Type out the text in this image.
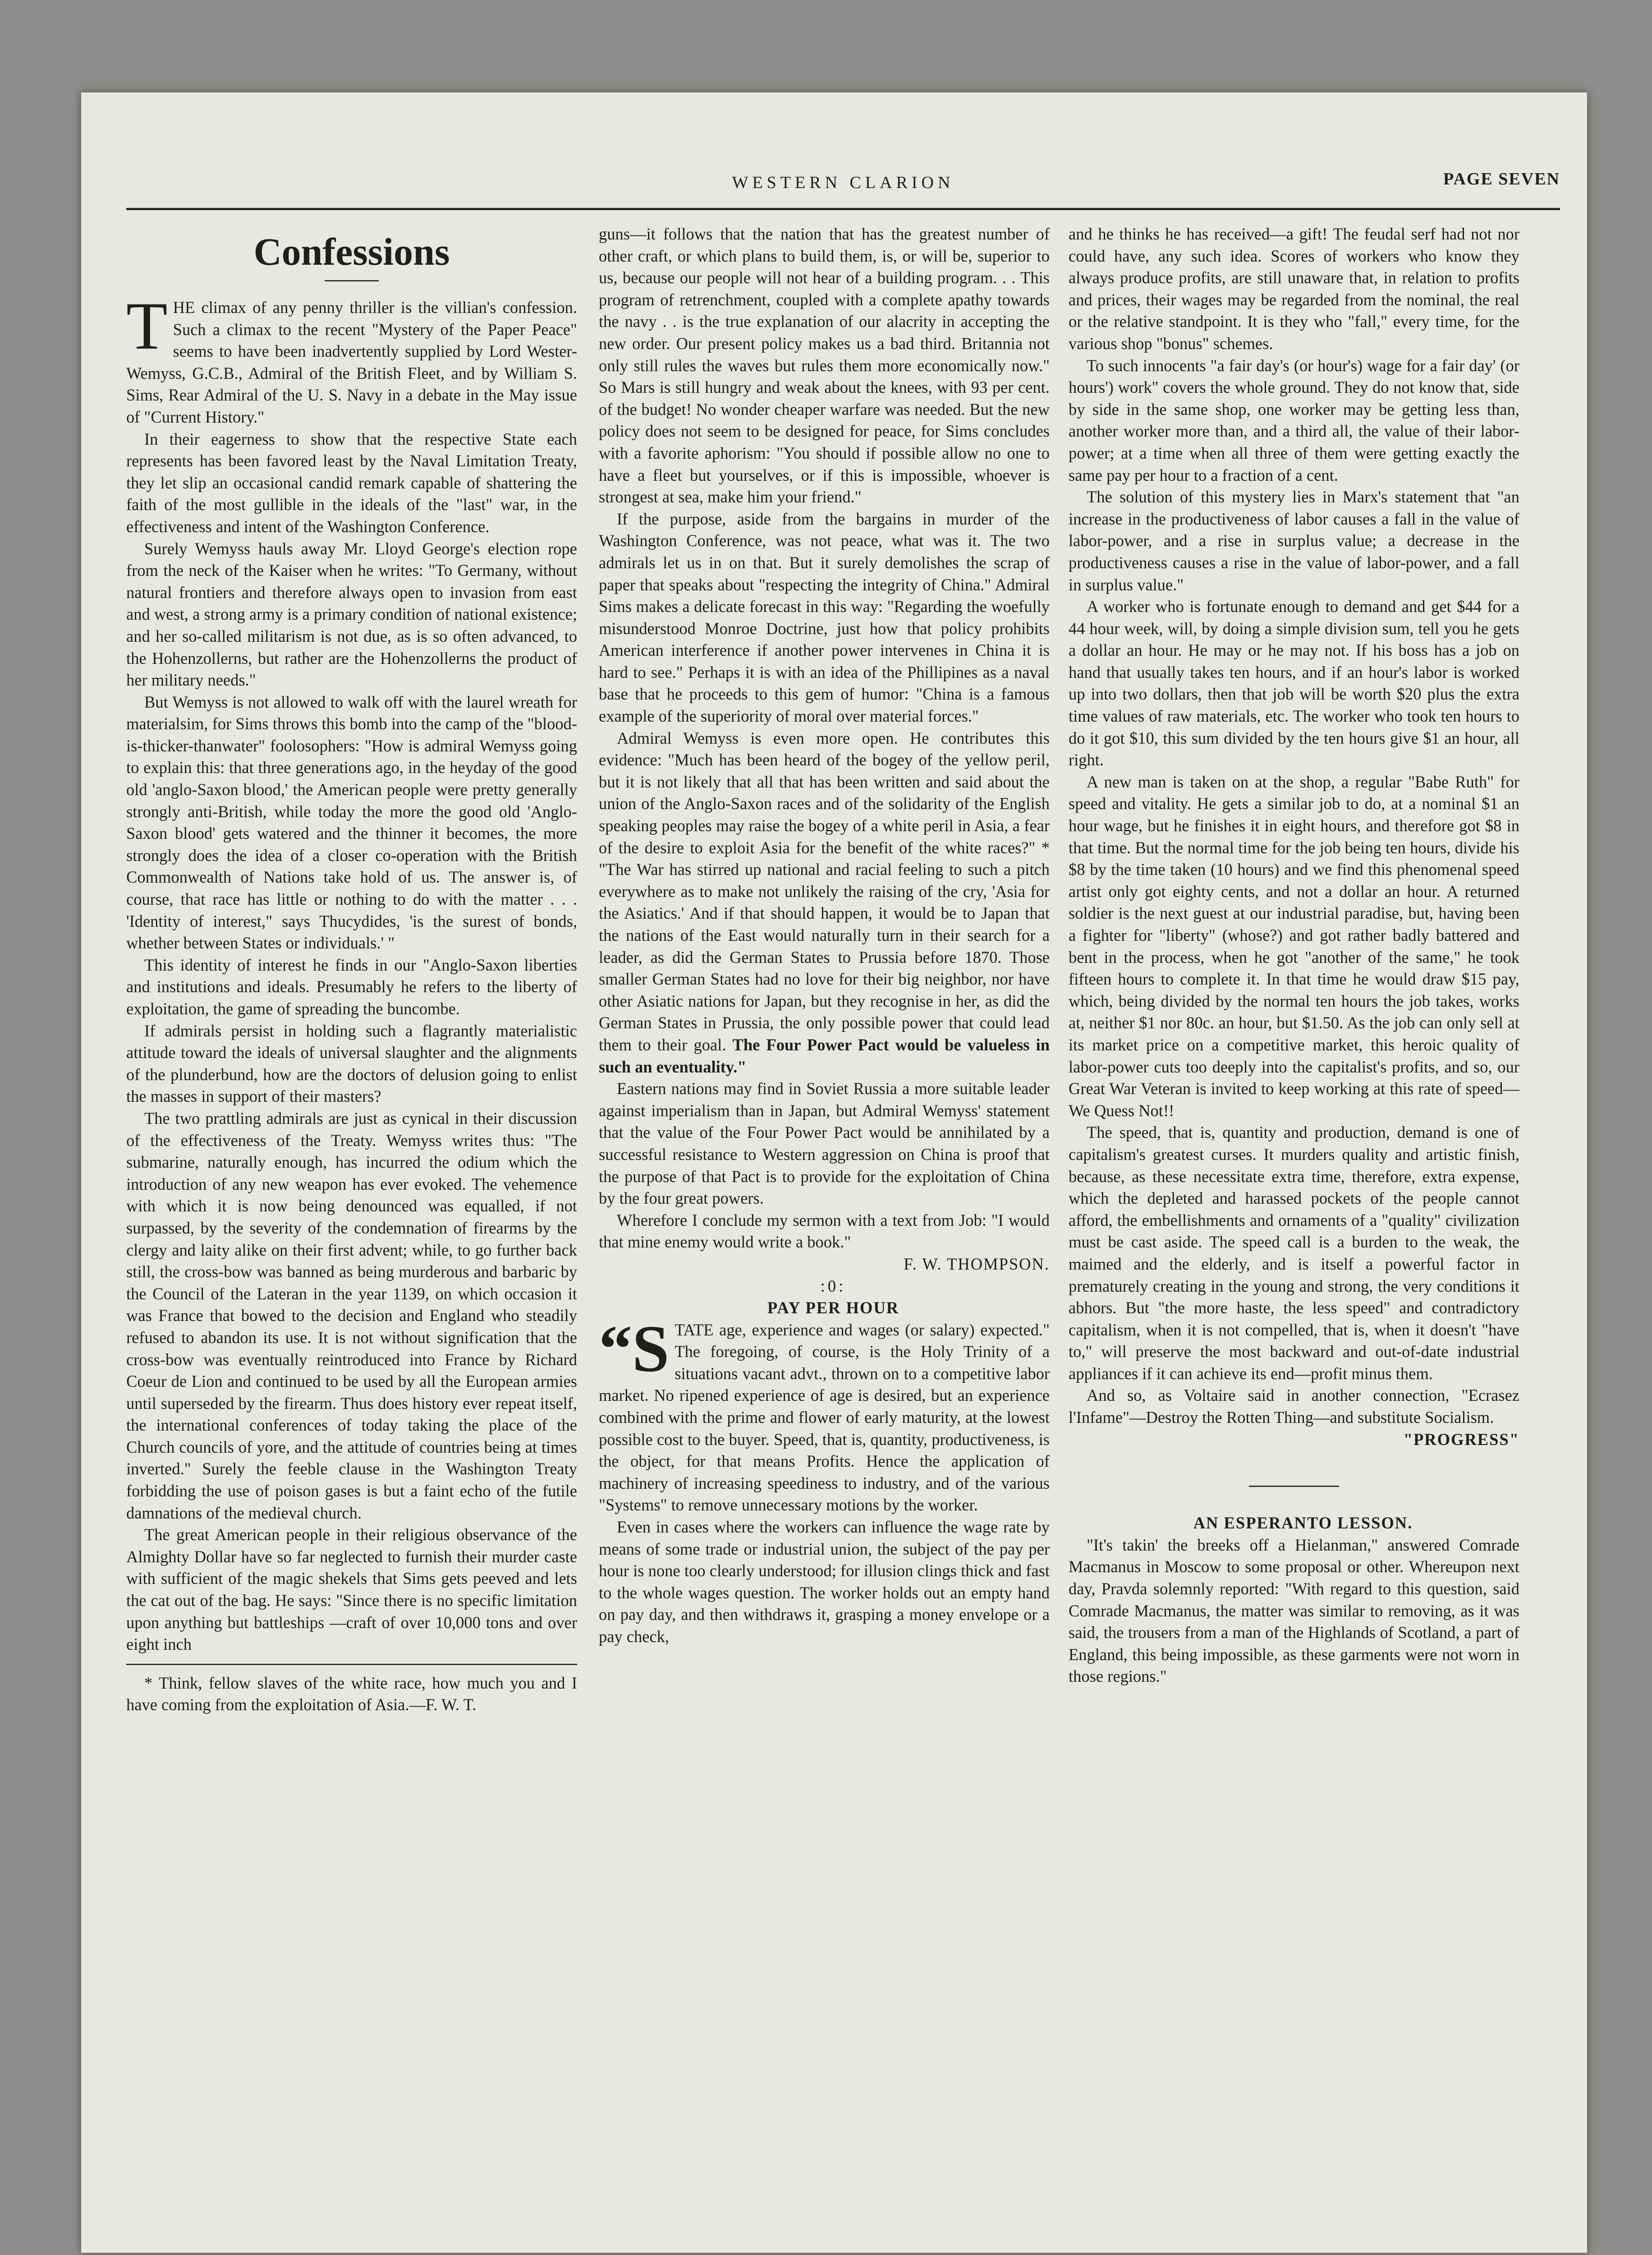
WESTERN CLARION	PAGE SEVEN
Confessions

THE climax of any penny thriller is the villian's confession. Such a climax to the recent "Mystery of the Paper Peace" seems to have been inadvertently supplied by Lord Wester-Wemyss, G.C.B., Admiral of the British Fleet, and by William S. Sims, Rear Admiral of the U. S. Navy in a debate in the May issue of "Current History."

In their eagerness to show that the respective State each represents has been favored least by the Naval Limitation Treaty, they let slip an occasional candid remark capable of shattering the faith of the most gullible in the ideals of the "last" war, in the effectiveness and intent of the Washington Conference.

Surely Wemyss hauls away Mr. Lloyd George's election rope from the neck of the Kaiser when he writes: "To Germany, without natural frontiers and therefore always open to invasion from east and west, a strong army is a primary condition of national existence; and her so-called militarism is not due, as is so often advanced, to the Hohenzollerns, but rather are the Hohenzollerns the product of her military needs."

But Wemyss is not allowed to walk off with the laurel wreath for materialsim, for Sims throws this bomb into the camp of the "blood-is-thicker-thanwater" foolosophers: "How is admiral Wemyss going to explain this: that three generations ago, in the heyday of the good old 'anglo-Saxon blood,' the American people were pretty generally strongly anti-British, while today the more the good old 'Anglo-Saxon blood' gets watered and the thinner it becomes, the more strongly does the idea of a closer co-operation with the British Commonwealth of Nations take hold of us. The answer is, of course, that race has little or nothing to do with the matter . . . 'Identity of interest," says Thucydides, 'is the surest of bonds, whether between States or individuals.' "

This identity of interest he finds in our "Anglo-Saxon liberties and institutions and ideals. Presumably he refers to the liberty of exploitation, the game of spreading the buncombe.

If admirals persist in holding such a flagrantly materialistic attitude toward the ideals of universal slaughter and the alignments of the plunderbund, how are the doctors of delusion going to enlist the masses in support of their masters?

The two prattling admirals are just as cynical in their discussion of the effectiveness of the Treaty. Wemyss writes thus: "The submarine, naturally enough, has incurred the odium which the introduction of any new weapon has ever evoked. The vehemence with which it is now being denounced was equalled, if not surpassed, by the severity of the condemnation of firearms by the clergy and laity alike on their first advent; while, to go further back still, the cross-bow was banned as being murderous and barbaric by the Council of the Lateran in the year 1139, on which occasion it was France that bowed to the decision and England who steadily refused to abandon its use. It is not without signification that the cross-bow was eventually reintroduced into France by Richard Coeur de Lion and continued to be used by all the European armies until superseded by the firearm. Thus does history ever repeat itself, the international conferences of today taking the place of the Church councils of yore, and the attitude of countries being at times inverted." Surely the feeble clause in the Washington Treaty forbidding the use of poison gases is but a faint echo of the futile damnations of the medieval church.

The great American people in their religious observance of the Almighty Dollar have so far neglected to furnish their murder caste with sufficient of the magic shekels that Sims gets peeved and lets the cat out of the bag. He says: "Since there is no specific limitation upon anything but battleships —craft of over 10,000 tons and over eight inch

* Think, fellow slaves of the white race, how much you and I have coming from the exploitation of Asia.—F. W. T.

guns—it follows that the nation that has the greatest number of other craft, or which plans to build them, is, or will be, superior to us, because our people will not hear of a building program. . . This program of retrenchment, coupled with a complete apathy towards the navy . . is the true explanation of our alacrity in accepting the new order. Our present policy makes us a bad third. Britannia not only still rules the waves but rules them more economically now." So Mars is still hungry and weak about the knees, with 93 per cent. of the budget! No wonder cheaper warfare was needed. But the new policy does not seem to be designed for peace, for Sims concludes with a favorite aphorism: "You should if possible allow no one to have a fleet but yourselves, or if this is impossible, whoever is strongest at sea, make him your friend."

If the purpose, aside from the bargains in murder of the Washington Conference, was not peace, what was it. The two admirals let us in on that. But it surely demolishes the scrap of paper that speaks about "respecting the integrity of China." Admiral Sims makes a delicate forecast in this way: "Regarding the woefully misunderstood Monroe Doctrine, just how that policy prohibits American interference if another power intervenes in China it is hard to see." Perhaps it is with an idea of the Phillipines as a naval base that he proceeds to this gem of humor: "China is a famous example of the superiority of moral over material forces."

Admiral Wemyss is even more open. He contributes this evidence: "Much has been heard of the bogey of the yellow peril, but it is not likely that all that has been written and said about the union of the Anglo-Saxon races and of the solidarity of the English speaking peoples may raise the bogey of a white peril in Asia, a fear of the desire to exploit Asia for the benefit of the white races?" * "The War has stirred up national and racial feeling to such a pitch everywhere as to make not unlikely the raising of the cry, 'Asia for the Asiatics.' And if that should happen, it would be to Japan that the nations of the East would naturally turn in their search for a leader, as did the German States to Prussia before 1870. Those smaller German States had no love for their big neighbor, nor have other Asiatic nations for Japan, but they recognise in her, as did the German States in Prussia, the only possible power that could lead them to their goal. The Four Power Pact would be valueless in such an eventuality."

Eastern nations may find in Soviet Russia a more suitable leader against imperialism than in Japan, but Admiral Wemyss' statement that the value of the Four Power Pact would be annihilated by a successful resistance to Western aggression on China is proof that the purpose of that Pact is to provide for the exploitation of China by the four great powers.

Wherefore I conclude my sermon with a text from Job: "I would that mine enemy would write a book."

F. W. THOMPSON.

:0:

PAY PER HOUR

“STATE age, experience and wages (or salary) expected." The foregoing, of course, is the Holy Trinity of a situations vacant advt., thrown on to a competitive labor market. No ripened experience of age is desired, but an experience combined with the prime and flower of early maturity, at the lowest possible cost to the buyer. Speed, that is, quantity, productiveness, is the object, for that means Profits. Hence the application of machinery of increasing speediness to industry, and of the various "Systems" to remove unnecessary motions by the worker.

Even in cases where the workers can influence the wage rate by means of some trade or industrial union, the subject of the pay per hour is none too clearly understood; for illusion clings thick and fast to the whole wages question. The worker holds out an empty hand on pay day, and then withdraws it, grasping a money envelope or a pay check,

and he thinks he has received—a gift! The feudal serf had not nor could have, any such idea. Scores of workers who know they always produce profits, are still unaware that, in relation to profits and prices, their wages may be regarded from the nominal, the real or the relative standpoint. It is they who "fall," every time, for the various shop "bonus" schemes.

To such innocents "a fair day's (or hour's) wage for a fair day' (or hours') work" covers the whole ground. They do not know that, side by side in the same shop, one worker may be getting less than, another worker more than, and a third all, the value of their labor-power; at a time when all three of them were getting exactly the same pay per hour to a fraction of a cent.

The solution of this mystery lies in Marx's statement that "an increase in the productiveness of labor causes a fall in the value of labor-power, and a rise in surplus value; a decrease in the productiveness causes a rise in the value of labor-power, and a fall in surplus value."

A worker who is fortunate enough to demand and get $44 for a 44 hour week, will, by doing a simple division sum, tell you he gets a dollar an hour. He may or he may not. If his boss has a job on hand that usually takes ten hours, and if an hour's labor is worked up into two dollars, then that job will be worth $20 plus the extra time values of raw materials, etc. The worker who took ten hours to do it got $10, this sum divided by the ten hours give $1 an hour, all right.

A new man is taken on at the shop, a regular "Babe Ruth" for speed and vitality. He gets a similar job to do, at a nominal $1 an hour wage, but he finishes it in eight hours, and therefore got $8 in that time. But the normal time for the job being ten hours, divide his $8 by the time taken (10 hours) and we find this phenomenal speed artist only got eighty cents, and not a dollar an hour. A returned soldier is the next guest at our industrial paradise, but, having been a fighter for "liberty" (whose?) and got rather badly battered and bent in the process, when he got "another of the same," he took fifteen hours to complete it. In that time he would draw $15 pay, which, being divided by the normal ten hours the job takes, works at, neither $1 nor 80c. an hour, but $1.50. As the job can only sell at its market price on a competitive market, this heroic quality of labor-power cuts too deeply into the capitalist's profits, and so, our Great War Veteran is invited to keep working at this rate of speed—We Quess Not!!

The speed, that is, quantity and production, demand is one of capitalism's greatest curses. It murders quality and artistic finish, because, as these necessitate extra time, therefore, extra expense, which the depleted and harassed pockets of the people cannot afford, the embellishments and ornaments of a "quality" civilization must be cast aside. The speed call is a burden to the weak, the maimed and the elderly, and is itself a powerful factor in prematurely creating in the young and strong, the very conditions it abhors. But "the more haste, the less speed" and contradictory capitalism, when it is not compelled, that is, when it doesn't "have to," will preserve the most backward and out-of-date industrial appliances if it can achieve its end—profit minus them.

And so, as Voltaire said in another connection, "Ecrasez l'Infame"—Destroy the Rotten Thing—and substitute Socialism.

"PROGRESS"

AN ESPERANTO LESSON.

"It's takin' the breeks off a Hielanman," answered Comrade Macmanus in Moscow to some proposal or other. Whereupon next day, Pravda solemnly reported: "With regard to this question, said Comrade Macmanus, the matter was similar to removing, as it was said, the trousers from a man of the Highlands of Scotland, a part of England, this being impossible, as these garments were not worn in those regions."
